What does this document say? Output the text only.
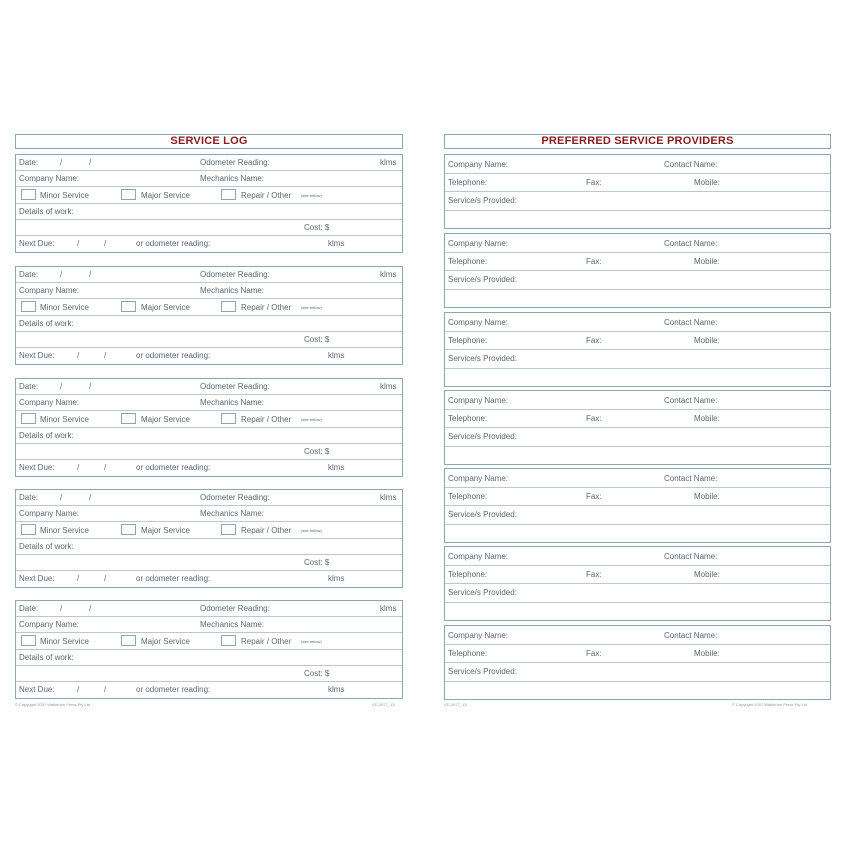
SERVICE LOG
Date:	/	/	Odometer Reading:	klms
Company Name:	Mechanics Name:
Minor Service	Major Service	Repair / Other (see below)
Details of work:
Cost: $
Next Due:	/	/	or odometer reading:	klms
Date:	/	/	Odometer Reading:	klms
Company Name:	Mechanics Name:
Minor Service	Major Service	Repair / Other (see below)
Details of work:
Cost: $
Next Due:	/	/	or odometer reading:	klms
Date:	/	/	Odometer Reading:	klms
Company Name:	Mechanics Name:
Minor Service	Major Service	Repair / Other (see below)
Details of work:
Cost: $
Next Due:	/	/	or odometer reading:	klms
Date:	/	/	Odometer Reading:	klms
Company Name:	Mechanics Name:
Minor Service	Major Service	Repair / Other (see below)
Details of work:
Cost: $
Next Due:	/	/	or odometer reading:	klms
Date:	/	/	Odometer Reading:	klms
Company Name:	Mechanics Name:
Minor Service	Major Service	Repair / Other (see below)
Details of work:
Cost: $
Next Due:	/	/	or odometer reading:	klms
PREFERRED SERVICE PROVIDERS
Company Name:	Contact Name:
Telephone:	Fax:	Mobile:
Service/s Provided:
Company Name:	Contact Name:
Telephone:	Fax:	Mobile:
Service/s Provided:
Company Name:	Contact Name:
Telephone:	Fax:	Mobile:
Service/s Provided:
Company Name:	Contact Name:
Telephone:	Fax:	Mobile:
Service/s Provided:
Company Name:	Contact Name:
Telephone:	Fax:	Mobile:
Service/s Provided:
Company Name:	Contact Name:
Telephone:	Fax:	Mobile:
Service/s Provided:
Company Name:	Contact Name:
Telephone:	Fax:	Mobile:
Service/s Provided:
© Copyright 2007 Walkerton Press Pty Ltd	VD-0077_13	VD-0077_13	© Copyright 2007 Walkerton Press Pty Ltd
